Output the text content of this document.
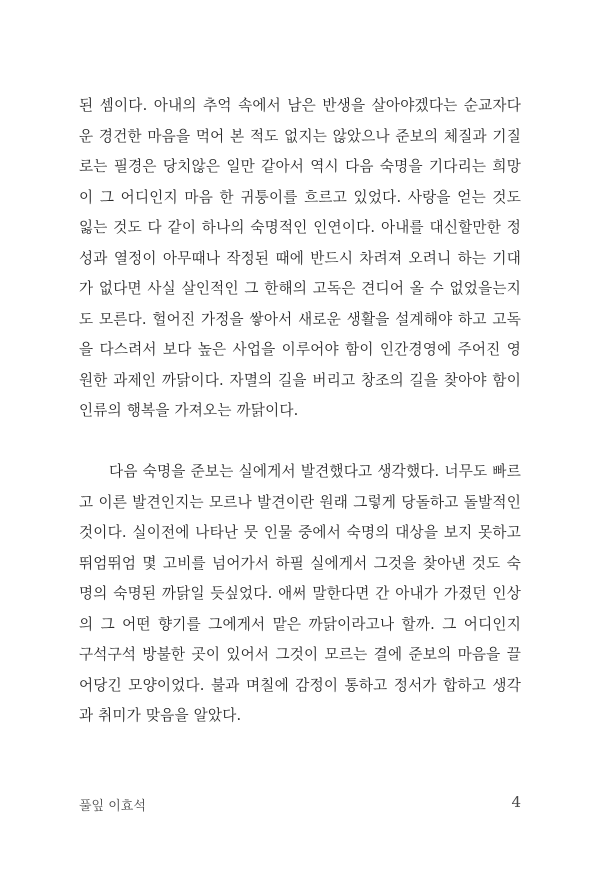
된 셈이다. 아내의 추억 속에서 남은 반생을 살아야겠다는 순교자다
운 경건한 마음을 먹어 본 적도 없지는 않았으나 준보의 체질과 기질
로는 필경은 당치않은 일만 같아서 역시 다음 숙명을 기다리는 희망
이 그 어디인지 마음 한 귀퉁이를 흐르고 있었다. 사랑을 얻는 것도
잃는 것도 다 같이 하나의 숙명적인 인연이다. 아내를 대신할만한 정
성과 열정이 아무때나 작정된 때에 반드시 차려져 오려니 하는 기대
가 없다면 사실 살인적인 그 한해의 고독은 견디어 올 수 없었을는지
도 모른다. 헐어진 가정을 쌓아서 새로운 생활을 설계해야 하고 고독
을 다스려서 보다 높은 사업을 이루어야 함이 인간경영에 주어진 영
원한 과제인 까닭이다. 자멸의 길을 버리고 창조의 길을 찾아야 함이
인류의 행복을 가져오는 까닭이다.
　　다음 숙명을 준보는 실에게서 발견했다고 생각했다. 너무도 빠르
고 이른 발견인지는 모르나 발견이란 원래 그렇게 당돌하고 돌발적인
것이다. 실이전에 나타난 뭇 인물 중에서 숙명의 대상을 보지 못하고
뛰엄뛰엄 몇 고비를 넘어가서 하필 실에게서 그것을 찾아낸 것도 숙
명의 숙명된 까닭일 듯싶었다. 애써 말한다면 간 아내가 가졌던 인상
의 그 어떤 향기를 그에게서 맡은 까닭이라고나 할까. 그 어디인지
구석구석 방불한 곳이 있어서 그것이 모르는 결에 준보의 마음을 끌
어당긴 모양이었다. 불과 며칠에 감정이 통하고 정서가 합하고 생각
과 취미가 맞음을 알았다.
풀잎 이효석	4
